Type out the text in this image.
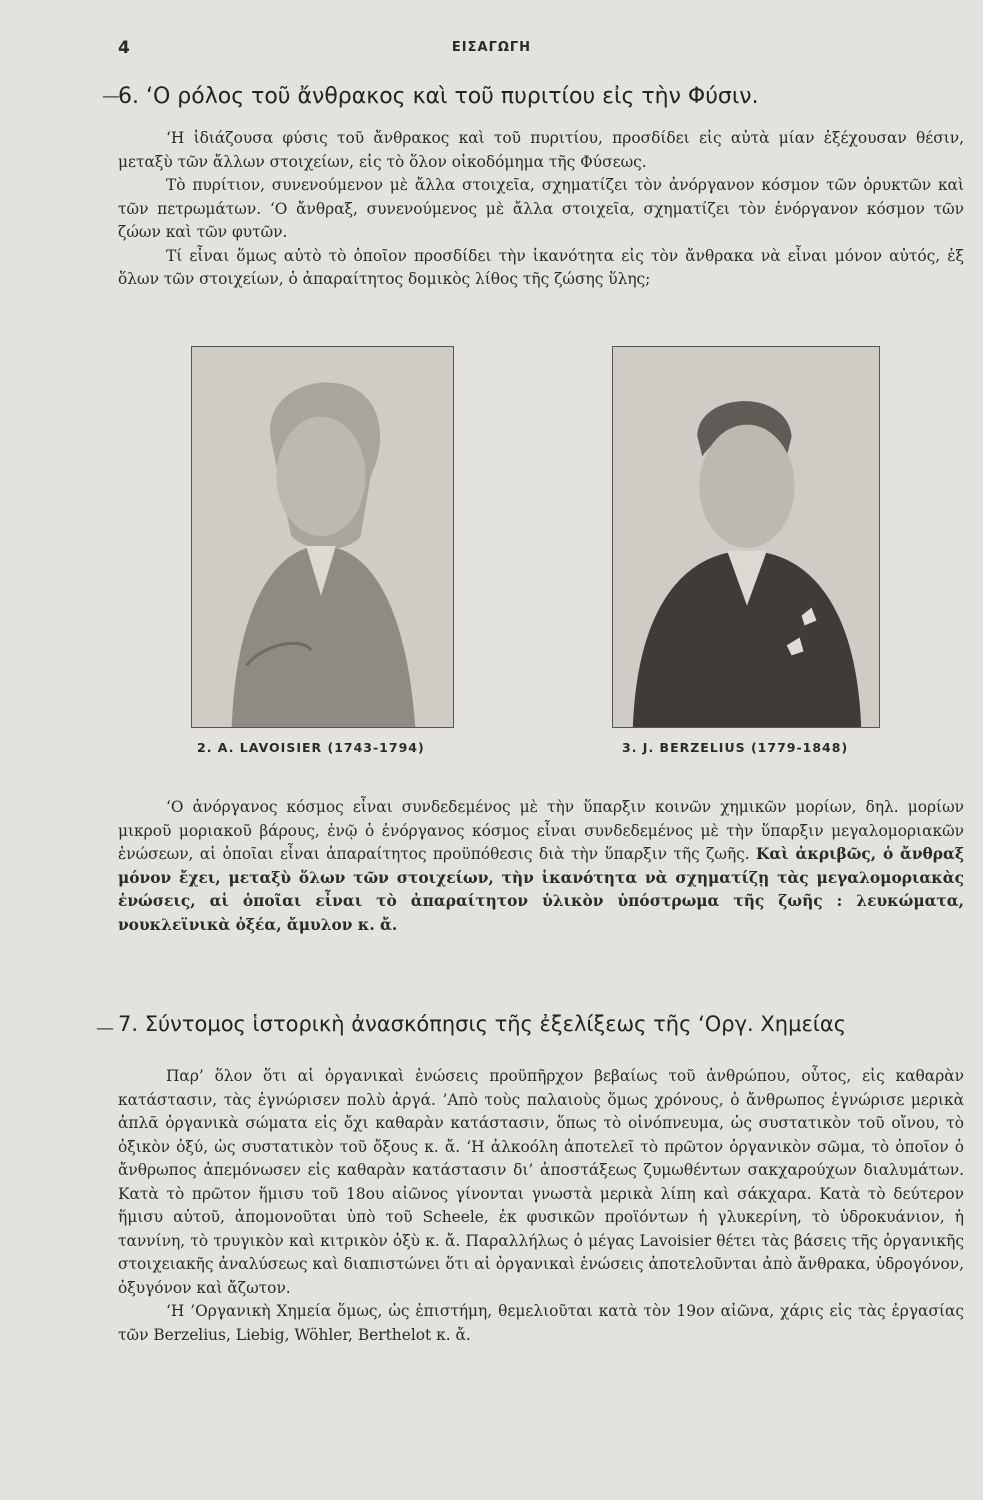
4	ΕΙΣΑΓΩΓΗ
—
6. ‘Ο ρόλος τοῦ ἄνθρακος καὶ τοῦ πυριτίου εἰς τὴν Φύσιν.
‘Η ἰδιάζουσα φύσις τοῦ ἄνθρακος καὶ τοῦ πυριτίου, προσδίδει εἰς αὐτὰ μίαν ἐξέχουσαν θέσιν, μεταξὺ τῶν ἄλλων στοιχείων, εἰς τὸ ὅλον οἰκοδόμημα τῆς Φύσεως.
Τὸ πυρίτιον, συνενούμενον μὲ ἄλλα στοιχεῖα, σχηματίζει τὸν ἀνόργανον κόσμον τῶν ὀρυκτῶν καὶ τῶν πετρωμάτων. ‘Ο ἄνθραξ, συνενούμενος μὲ ἄλλα στοιχεῖα, σχηματίζει τὸν ἐνόργανον κόσμον τῶν ζώων καὶ τῶν φυτῶν.
Τί εἶναι ὅμως αὐτὸ τὸ ὁποῖον προσδίδει τὴν ἱκανότητα εἰς τὸν ἄνθρακα νὰ εἶναι μόνον αὐτός, ἐξ ὅλων τῶν στοιχείων, ὁ ἀπαραίτητος δομικὸς λίθος τῆς ζώσης ὕλης;
2. A. LAVOISIER (1743-1794)	3. J. BERZELIUS (1779-1848)
‘Ο ἀνόργανος κόσμος εἶναι συνδεδεμένος μὲ τὴν ὕπαρξιν κοινῶν χημικῶν μορίων, δηλ. μορίων μικροῦ μοριακοῦ βάρους, ἐνῷ ὁ ἐνόργανος κόσμος εἶναι συνδεδεμένος μὲ τὴν ὕπαρξιν μεγαλομοριακῶν ἑνώσεων, αἱ ὁποῖαι εἶναι ἀπαραίτητος προϋπόθεσις διὰ τὴν ὕπαρξιν τῆς ζωῆς. Καὶ ἀκριβῶς, ὁ ἄνθραξ μόνον ἔχει, μεταξὺ ὅλων τῶν στοιχείων, τὴν ἱκανότητα νὰ σχηματίζῃ τὰς μεγαλομοριακὰς ἑνώσεις, αἱ ὁποῖαι εἶναι τὸ ἀπαραίτητον ὑλικὸν ὑπόστρωμα τῆς ζωῆς : λευκώματα, νουκλεϊνικὰ ὀξέα, ἄμυλον κ. ἄ.
— 7. Σύντομος ἱστορικὴ ἀνασκόπησις τῆς ἐξελίξεως τῆς ‘Οργ. Χημείας
Παρ’ ὅλον ὅτι αἱ ὀργανικαὶ ἑνώσεις προϋπῆρχον βεβαίως τοῦ ἀνθρώπου, οὗτος, εἰς καθαρὰν κατάστασιν, τὰς ἐγνώρισεν πολὺ ἀργά. ’Απὸ τοὺς παλαιοὺς ὅμως χρόνους, ὁ ἄνθρωπος ἐγνώρισε μερικὰ ἁπλᾶ ὀργανικὰ σώματα εἰς ὄχι καθαρὰν κατάστασιν, ὅπως τὸ οἰνόπνευμα, ὡς συστατικὸν τοῦ οἴνου, τὸ ὀξικὸν ὀξύ, ὡς συστατικὸν τοῦ ὄξους κ. ἄ. ‘Η ἀλκοόλη ἀποτελεῖ τὸ πρῶτον ὀργανικὸν σῶμα, τὸ ὁποῖον ὁ ἄνθρωπος ἀπεμόνωσεν εἰς καθαρὰν κατάστασιν δι’ ἀποστάξεως ζυμωθέντων σακχαρούχων διαλυμάτων. Κατὰ τὸ πρῶτον ἥμισυ τοῦ 18ου αἰῶνος γίνονται γνωστὰ μερικὰ λίπη καὶ σάκχαρα. Κατὰ τὸ δεύτερον ἥμισυ αὐτοῦ, ἀπομονοῦται ὑπὸ τοῦ Scheele, ἐκ φυσικῶν προϊόντων ἡ γλυκερίνη, τὸ ὑδροκυάνιον, ἡ ταννίνη, τὸ τρυγικὸν καὶ κιτρικὸν ὀξὺ κ. ἄ. Παραλλήλως ὁ μέγας Lavoisier θέτει τὰς βάσεις τῆς ὀργανικῆς στοιχειακῆς ἀναλύσεως καὶ διαπιστώνει ὅτι αἱ ὀργανικαὶ ἑνώσεις ἀποτελοῦνται ἀπὸ ἄνθρακα, ὑδρογόνον, ὀξυγόνον καὶ ἄζωτον.
‘Η ’Οργανικὴ Χημεία ὅμως, ὡς ἐπιστήμη, θεμελιοῦται κατὰ τὸν 19ον αἰῶνα, χάρις εἰς τὰς ἐργασίας τῶν Berzelius, Liebig, Wöhler, Berthelot κ. ἄ.
